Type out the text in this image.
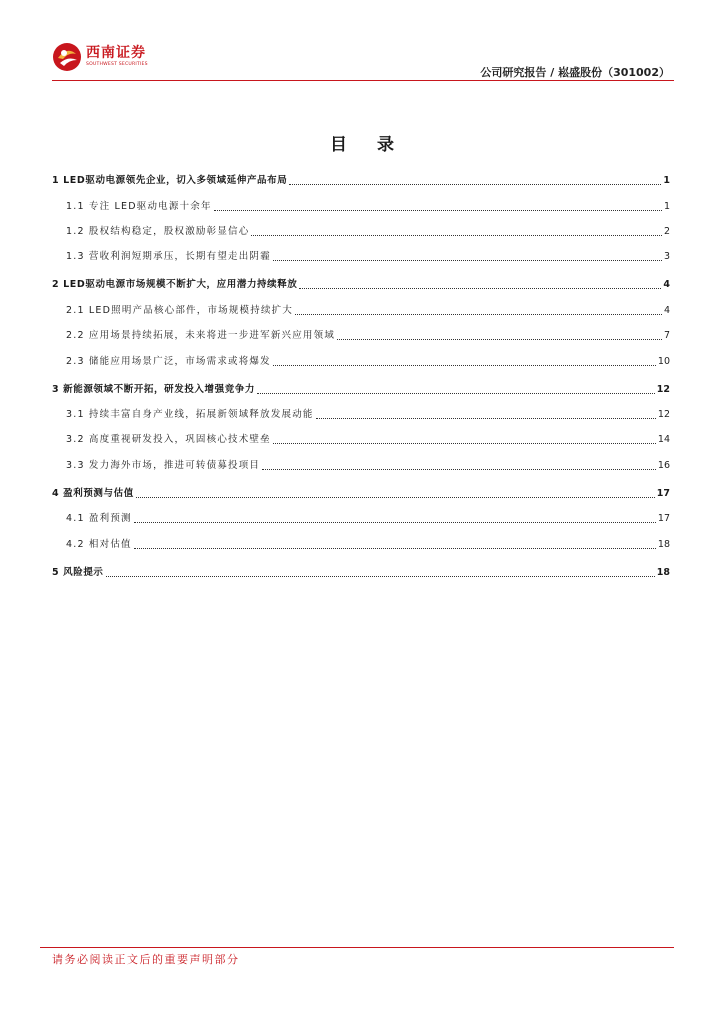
西南证券
SOUTHWEST SECURITIES
公司研究报告 / 崧盛股份（301002）
目 录
1 LED驱动电源领先企业，切入多领域延伸产品布局	1
1.1 专注 LED驱动电源十余年	1
1.2 股权结构稳定，股权激励彰显信心	2
1.3 营收利润短期承压，长期有望走出阴霾	3
2 LED驱动电源市场规模不断扩大，应用潜力持续释放	4
2.1 LED照明产品核心部件，市场规模持续扩大	4
2.2 应用场景持续拓展，未来将进一步进军新兴应用领域	7
2.3 储能应用场景广泛，市场需求或将爆发	10
3 新能源领域不断开拓，研发投入增强竞争力	12
3.1 持续丰富自身产业线，拓展新领域释放发展动能	12
3.2 高度重视研发投入，巩固核心技术壁垒	14
3.3 发力海外市场，推进可转债募投项目	16
4 盈利预测与估值	17
4.1 盈利预测	17
4.2 相对估值	18
5 风险提示	18
请务必阅读正文后的重要声明部分
